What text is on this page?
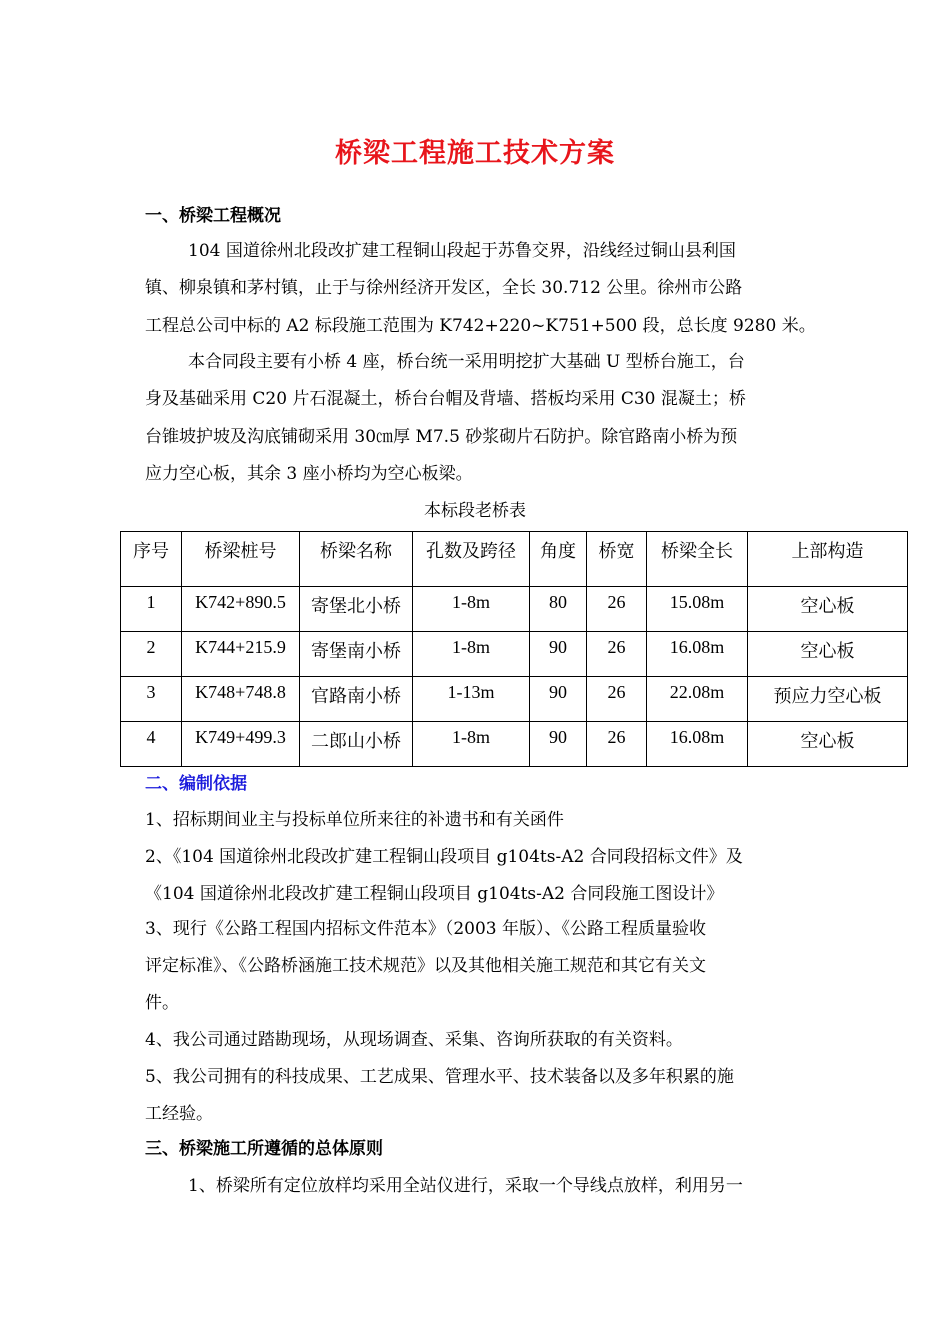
桥梁工程施工技术方案
一、桥梁工程概况
104 国道徐州北段改扩建工程铜山段起于苏鲁交界，沿线经过铜山县利国
镇、柳泉镇和茅村镇，止于与徐州经济开发区，全长 30.712 公里。徐州市公路
工程总公司中标的 A2 标段施工范围为 K742+220~K751+500 段，总长度 9280 米。
本合同段主要有小桥 4 座，桥台统一采用明挖扩大基础 U 型桥台施工，台
身及基础采用 C20 片石混凝土，桥台台帽及背墙、搭板均采用 C30 混凝土；桥
台锥坡护坡及沟底铺砌采用 30㎝厚 M7.5 砂浆砌片石防护。除官路南小桥为预
应力空心板，其余 3 座小桥均为空心板梁。
本标段老桥表
序号	桥梁桩号	桥梁名称	孔数及跨径	角度	桥宽	桥梁全长	上部构造
1	K742+890.5	寄堡北小桥	1-8m	80	26	15.08m	空心板
2	K744+215.9	寄堡南小桥	1-8m	90	26	16.08m	空心板
3	K748+748.8	官路南小桥	1-13m	90	26	22.08m	预应力空心板
4	K749+499.3	二郎山小桥	1-8m	90	26	16.08m	空心板
二、编制依据
1、招标期间业主与投标单位所来往的补遗书和有关函件
2、《104 国道徐州北段改扩建工程铜山段项目 g104ts-A2 合同段招标文件》及
《104 国道徐州北段改扩建工程铜山段项目 g104ts-A2 合同段施工图设计》
3、现行《公路工程国内招标文件范本》（2003 年版）、《公路工程质量验收
评定标准》、《公路桥涵施工技术规范》以及其他相关施工规范和其它有关文
件。
4、我公司通过踏勘现场，从现场调查、采集、咨询所获取的有关资料。
5、我公司拥有的科技成果、工艺成果、管理水平、技术装备以及多年积累的施
工经验。
三、桥梁施工所遵循的总体原则
1、桥梁所有定位放样均采用全站仪进行，采取一个导线点放样，利用另一
